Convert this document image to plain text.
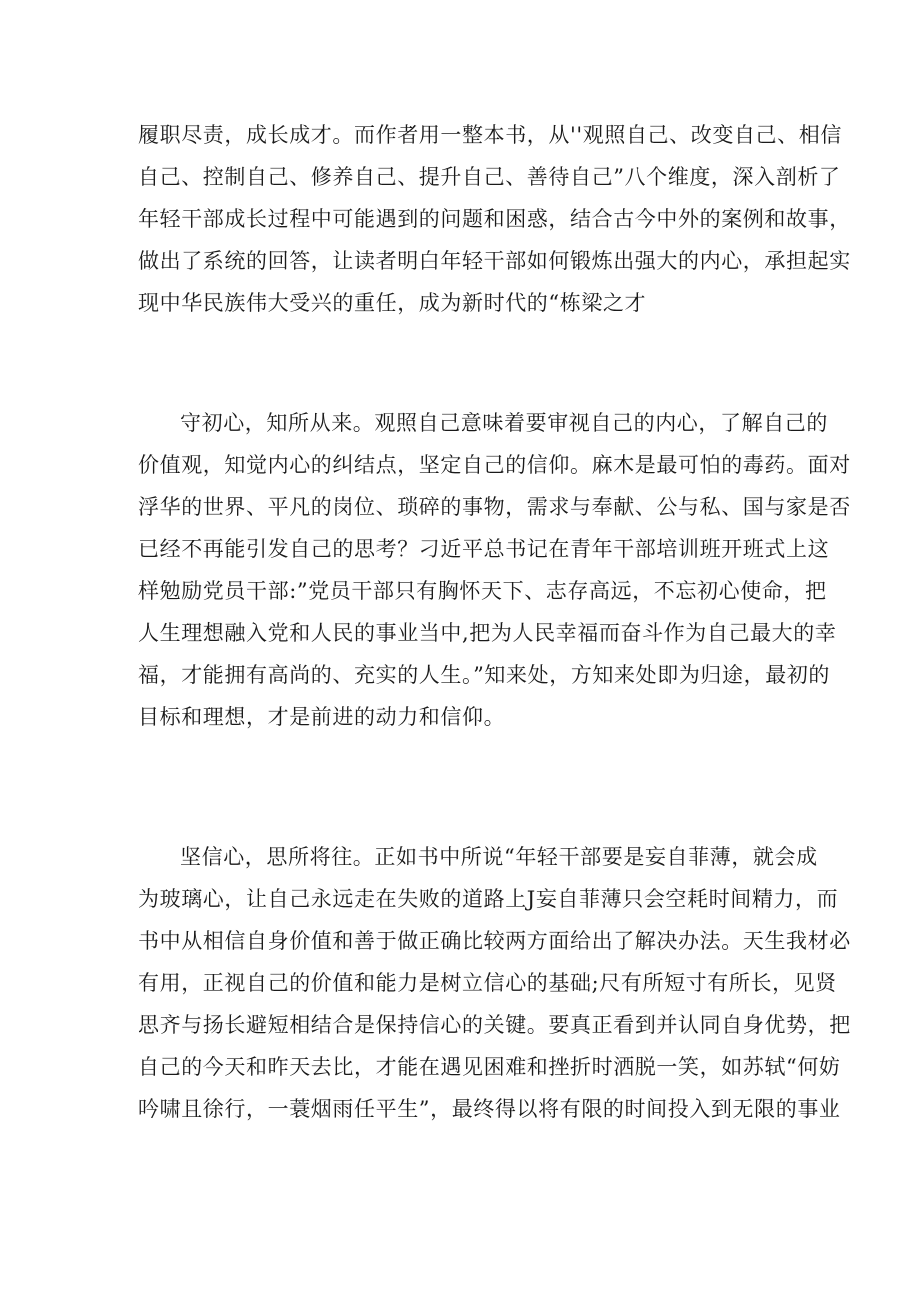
履职尽责，成长成才。而作者用一整本书，从''观照自己、改变自己、相信
自己、控制自己、修养自己、提升自己、善待自己”八个维度，深入剖析了
年轻干部成长过程中可能遇到的问题和困惑，结合古今中外的案例和故事，
做出了系统的回答，让读者明白年轻干部如何锻炼出强大的内心，承担起实
现中华民族伟大受兴的重任，成为新时代的“栋梁之才
守初心，知所从来。观照自己意味着要审视自己的内心，了解自己的
价值观，知觉内心的纠结点，坚定自己的信仰。麻木是最可怕的毒药。面对
浮华的世界、平凡的岗位、琐碎的事物，需求与奉献、公与私、国与家是否
已经不再能引发自己的思考？刁近平总书记在青年干部培训班开班式上这
样勉励党员干部:”党员干部只有胸怀天下、志存高远，不忘初心使命，把
人生理想融入党和人民的事业当中,把为人民幸福而奋斗作为自己最大的幸
福，才能拥有高尚的、充实的人生。”知来处，方知来处即为归途，最初的
目标和理想，才是前进的动力和信仰。
坚信心，思所将往。正如书中所说“年轻干部要是妄自菲薄，就会成
为玻璃心，让自己永远走在失败的道路上J妄自菲薄只会空耗时间精力，而
书中从相信自身价值和善于做正确比较两方面给出了解决办法。天生我材必
有用，正视自己的价值和能力是树立信心的基础;尺有所短寸有所长，见贤
思齐与扬长避短相结合是保持信心的关键。要真正看到并认同自身优势，把
自己的今天和昨天去比，才能在遇见困难和挫折时洒脱一笑，如苏轼“何妨
吟啸且徐行，一蓑烟雨任平生”，最终得以将有限的时间投入到无限的事业
